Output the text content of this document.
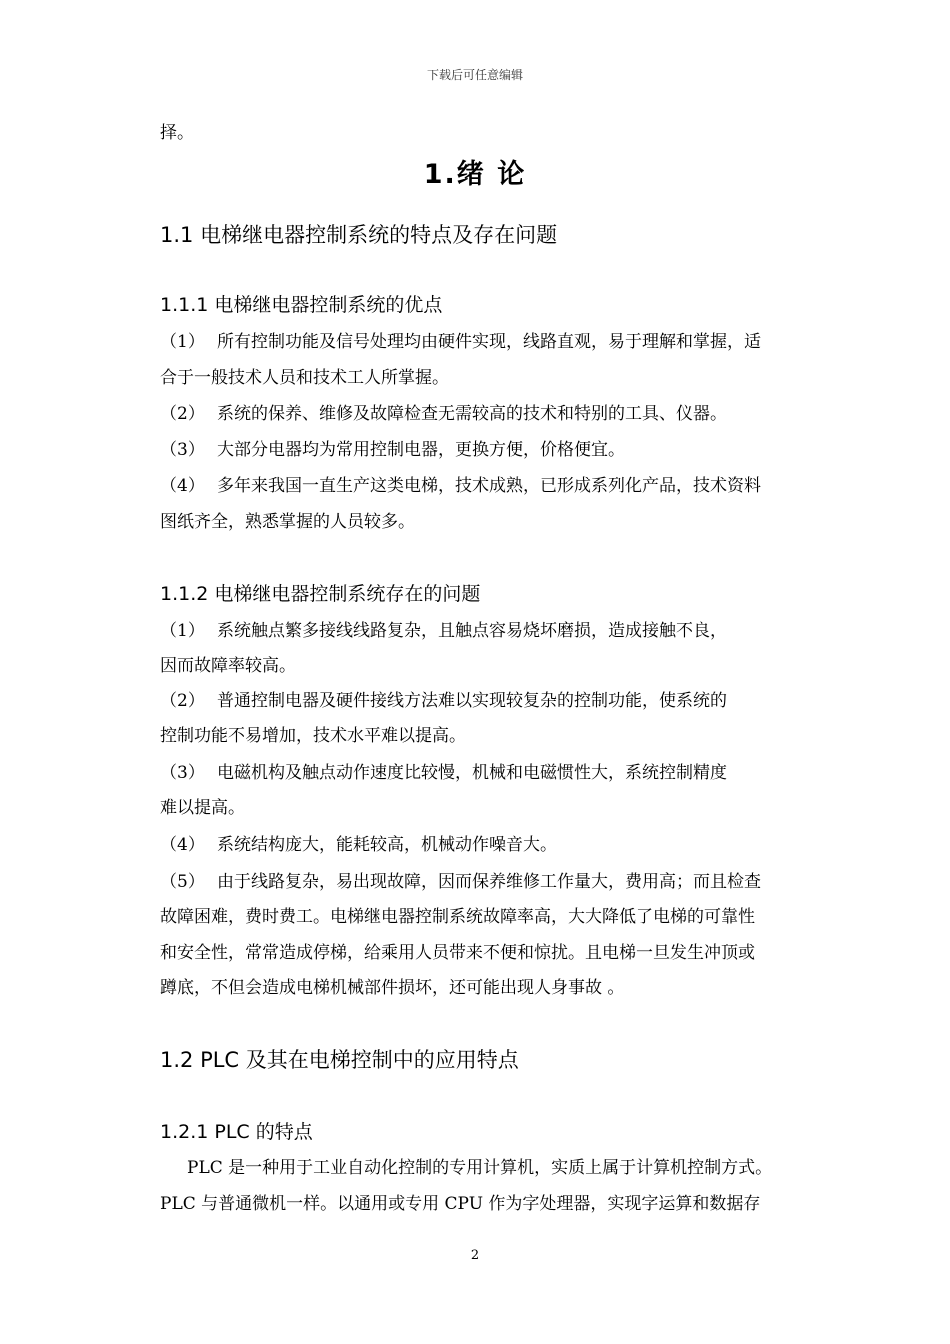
下载后可任意编辑
择。
1.绪 论
1.1 电梯继电器控制系统的特点及存在问题
1.1.1 电梯继电器控制系统的优点
（1） 所有控制功能及信号处理均由硬件实现，线路直观，易于理解和掌握，适
合于一般技术人员和技术工人所掌握。
（2） 系统的保养、维修及故障检查无需较高的技术和特别的工具、仪器。
（3） 大部分电器均为常用控制电器，更换方便，价格便宜。
（4） 多年来我国一直生产这类电梯，技术成熟，已形成系列化产品，技术资料
图纸齐全，熟悉掌握的人员较多。
1.1.2 电梯继电器控制系统存在的问题
（1） 系统触点繁多接线线路复杂，且触点容易烧坏磨损，造成接触不良，
因而故障率较高。
（2） 普通控制电器及硬件接线方法难以实现较复杂的控制功能，使系统的
控制功能不易增加，技术水平难以提高。
（3） 电磁机构及触点动作速度比较慢，机械和电磁惯性大，系统控制精度
难以提高。
（4） 系统结构庞大，能耗较高，机械动作噪音大。
（5） 由于线路复杂，易出现故障，因而保养维修工作量大，费用高；而且检查
故障困难，费时费工。电梯继电器控制系统故障率高，大大降低了电梯的可靠性
和安全性，常常造成停梯，给乘用人员带来不便和惊扰。且电梯一旦发生冲顶或
蹲底，不但会造成电梯机械部件损坏，还可能出现人身事故 。
1.2 PLC 及其在电梯控制中的应用特点
1.2.1 PLC 的特点
PLC 是一种用于工业自动化控制的专用计算机，实质上属于计算机控制方式。
PLC 与普通微机一样。以通用或专用 CPU 作为字处理器，实现字运算和数据存
2
